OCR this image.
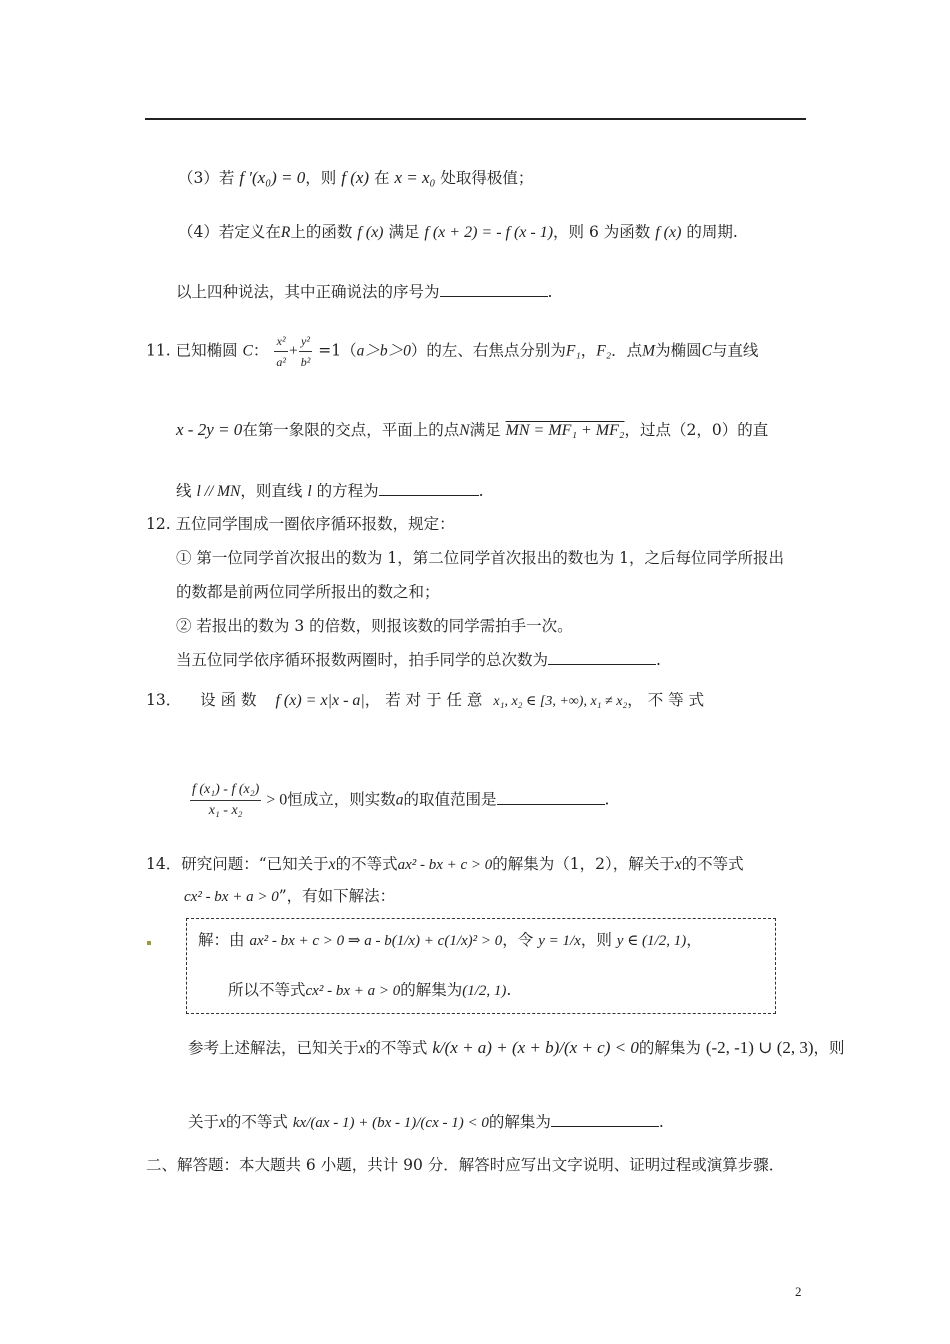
（3）若 f ′(x₀) = 0，则 f (x) 在 x = x₀ 处取得极值；
（4）若定义在R上的函数 f (x) 满足 f (x + 2) = - f (x - 1)，则 6 为函数 f (x) 的周期.
以上四种说法，其中正确说法的序号为	.
11. 已知椭圆 C： $\frac{\text{x²}}{\text{a²}} + \frac{\text{y²}}{\text{b²}} =1(a>b>0)$的左、右焦点分别为F₁，F₂．点M为椭圆C与直线
x - 2y = 0在第一象限的交点，平面上的点N满足 MN = MF₁ + MF₂，过点（2，0）的直
线 l // MN，则直线 l 的方程为	.
12. 五位同学围成一圈依序循环报数，规定：
① 第一位同学首次报出的数为 1，第二位同学首次报出的数也为 1，之后每位同学所报出
的数都是前两位同学所报出的数之和；
② 若报出的数为 3 的倍数，则报该数的同学需拍手一次。
当五位同学依序循环报数两圈时，拍手同学的总次数为	.
13． 设 函 数 f (x) = x|x - a|， 若 对 于 任 意 x₁, x₂ ∈ [3, +∞), x₁ ≠ x₂， 不 等 式
$\frac{\text{f (x₁) - f (x₂)}}{\text{x₁ - x₂}} > 0$恒成立，则实数a的取值范围是	.
14．研究问题：“已知关于x的不等式ax² - bx + c > 0的解集为（1，2），解关于x的不等式
cx² - bx + a > 0”，有如下解法：
解：由 ax² - bx + c > 0 ⇒ a - b(1/x) + c(1/x)² > 0，令 y = 1/x，则 y ∈ (1/2, 1)，
所以不等式cx² - bx + a > 0的解集为(1/2, 1).
参考上述解法，已知关于x的不等式 k/(x + a) + (x + b)/(x + c) < 0的解集为 (-2, -1) ∪ (2, 3)，则
关于x的不等式 kx/(ax - 1) + (bx - 1)/(cx - 1) < 0的解集为	.
二、解答题：本大题共 6 小题，共计 90 分．解答时应写出文字说明、证明过程或演算步骤．
2
